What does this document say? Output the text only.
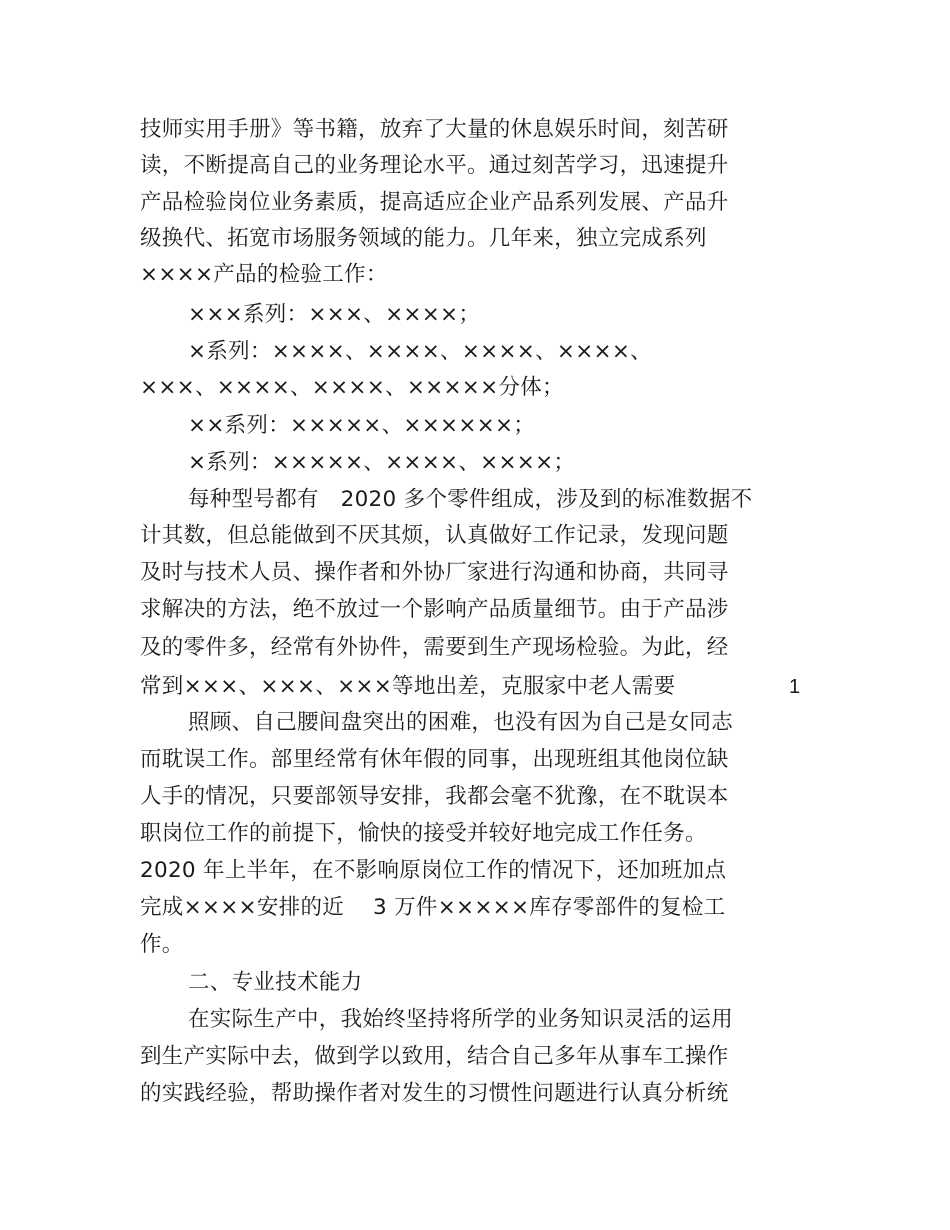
技师实用手册》等书籍，放弃了大量的休息娱乐时间，刻苦研
读，不断提高自己的业务理论水平。通过刻苦学习，迅速提升
产品检验岗位业务素质，提高适应企业产品系列发展、产品升
级换代、拓宽市场服务领域的能力。几年来，独立完成系列
××××产品的检验工作：
×××系列：×××、××××；
×系列：××××、××××、××××、××××、
×××、××××、××××、×××××分体；
××系列：×××××、××××××；
×系列：×××××、××××、××××；
每种型号都有　2020 多个零件组成，涉及到的标准数据不
计其数，但总能做到不厌其烦，认真做好工作记录，发现问题
及时与技术人员、操作者和外协厂家进行沟通和协商，共同寻
求解决的方法，绝不放过一个影响产品质量细节。由于产品涉
及的零件多，经常有外协件，需要到生产现场检验。为此，经
常到×××、×××、×××等地出差，克服家中老人需要
照顾、自己腰间盘突出的困难，也没有因为自己是女同志
而耽误工作。部里经常有休年假的同事，出现班组其他岗位缺
人手的情况，只要部领导安排，我都会毫不犹豫，在不耽误本
职岗位工作的前提下，愉快的接受并较好地完成工作任务。
2020 年上半年，在不影响原岗位工作的情况下，还加班加点
完成××××安排的近　 3 万件×××××库存零部件的复检工
作。
二、专业技术能力
在实际生产中，我始终坚持将所学的业务知识灵活的运用
到生产实际中去，做到学以致用，结合自己多年从事车工操作
的实践经验，帮助操作者对发生的习惯性问题进行认真分析统
1
